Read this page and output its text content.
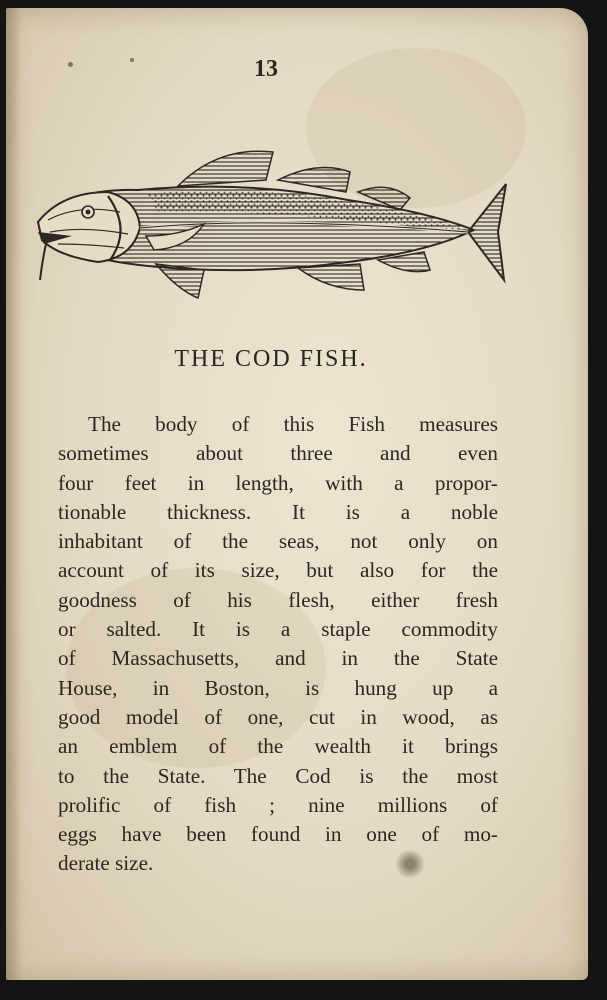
13
THE COD FISH.
The body of this Fish measures
sometimes about three and even
four feet in length, with a propor-
tionable thickness. It is a noble
inhabitant of the seas, not only on
account of its size, but also for the
goodness of his flesh, either fresh
or salted. It is a staple commodity
of Massachusetts, and in the State
House, in Boston, is hung up a
good model of one, cut in wood, as
an emblem of the wealth it brings
to the State. The Cod is the most
prolific of fish ; nine millions of
eggs have been found in one of mo-
derate size.
